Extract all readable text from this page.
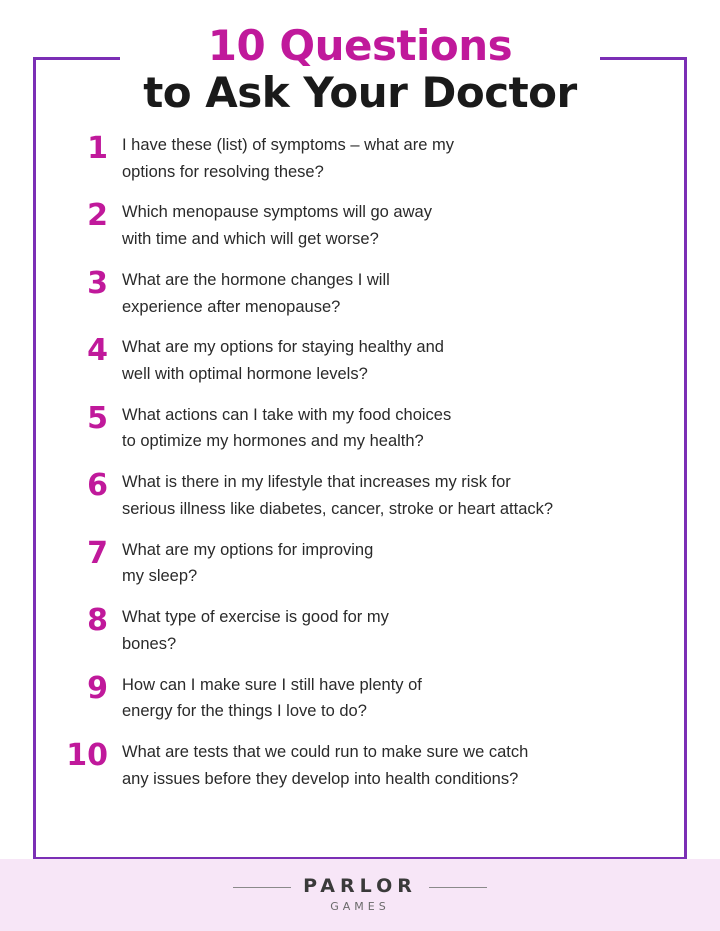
10 Questions
to Ask Your Doctor
1 I have these (list) of symptoms – what are my
options for resolving these?
2 Which menopause symptoms will go away
with time and which will get worse?
3 What are the hormone changes I will
experience after menopause?
4 What are my options for staying healthy and
well with optimal hormone levels?
5 What actions can I take with my food choices
to optimize my hormones and my health?
6 What is there in my lifestyle that increases my risk for
serious illness like diabetes, cancer, stroke or heart attack?
7 What are my options for improving
my sleep?
8 What type of exercise is good for my
bones?
9 How can I make sure I still have plenty of
energy for the things I love to do?
10 What are tests that we could run to make sure we catch
any issues before they develop into health conditions?
PARLOR
GAMES
